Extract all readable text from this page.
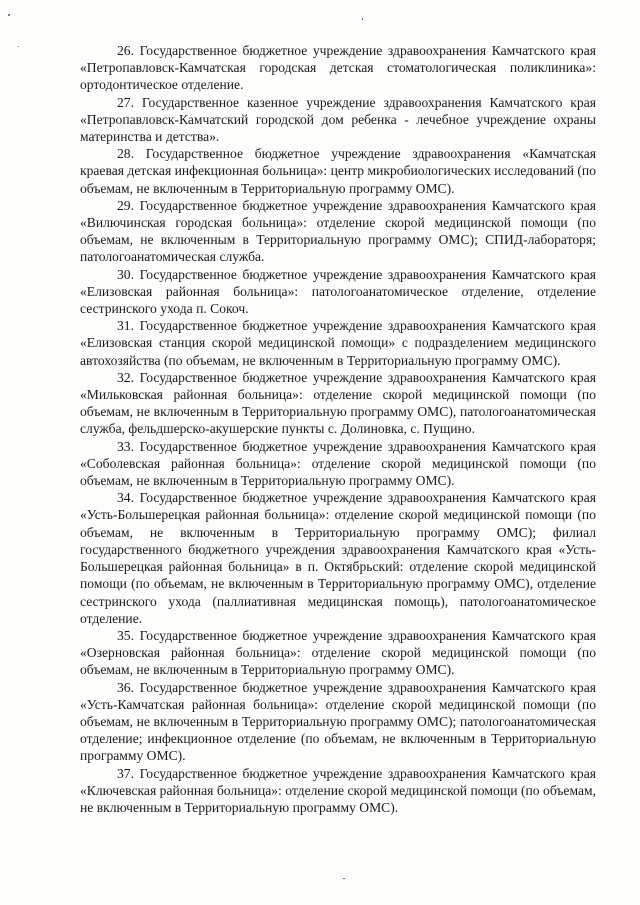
26. Государственное бюджетное учреждение здравоохранения Камчатского края «Петропавловск-Камчатская городская детская стоматологическая поликлиника»: ортодонтическое отделение.

27. Государственное казенное учреждение здравоохранения Камчатского края «Петропавловск-Камчатский городской дом ребенка - лечебное учреждение охраны материнства и детства».

28. Государственное бюджетное учреждение здравоохранения «Камчатская краевая детская инфекционная больница»: центр микробиологических исследований (по объемам, не включенным в Территориальную программу ОМС).

29. Государственное бюджетное учреждение здравоохранения Камчатского края «Вилючинская городская больница»: отделение скорой медицинской помощи (по объемам, не включенным в Территориальную программу ОМС); СПИД-лабораторя; патологоанатомическая служба.

30. Государственное бюджетное учреждение здравоохранения Камчатского края «Елизовская районная больница»: патологоанатомическое отделение, отделение сестринского ухода п. Сокоч.

31. Государственное бюджетное учреждение здравоохранения Камчатского края «Елизовская станция скорой медицинской помощи» с подразделением медицинского автохозяйства (по объемам, не включенным в Территориальную программу ОМС).

32. Государственное бюджетное учреждение здравоохранения Камчатского края «Мильковская районная больница»: отделение скорой медицинской помощи (по объемам, не включенным в Территориальную программу ОМС), патологоанатомическая служба, фельдшерско-акушерские пункты с. Долиновка, с. Пущино.

33. Государственное бюджетное учреждение здравоохранения Камчатского края «Соболевская районная больница»: отделение скорой медицинской помощи (по объемам, не включенным в Территориальную программу ОМС).

34. Государственное бюджетное учреждение здравоохранения Камчатского края «Усть-Большерецкая районная больница»: отделение скорой медицинской помощи (по объемам, не включенным в Территориальную программу ОМС); филиал государственного бюджетного учреждения здравоохранения Камчатского края «Усть-Большерецкая районная больница» в п. Октябрьский: отделение скорой медицинской помощи (по объемам, не включенным в Территориальную программу ОМС), отделение сестринского ухода (паллиативная медицинская помощь), патологоанатомическое отделение.

35. Государственное бюджетное учреждение здравоохранения Камчатского края «Озерновская районная больница»: отделение скорой медицинской помощи (по объемам, не включенным в Территориальную программу ОМС).

36. Государственное бюджетное учреждение здравоохранения Камчатского края «Усть-Камчатская районная больница»: отделение скорой медицинской помощи (по объемам, не включенным в Территориальную программу ОМС); патологоанатомическая отделение; инфекционное отделение (по объемам, не включенным в Территориальную программу ОМС).

37. Государственное бюджетное учреждение здравоохранения Камчатского края «Ключевская районная больница»: отделение скорой медицинской помощи (по объемам, не включенным в Территориальную программу ОМС).
